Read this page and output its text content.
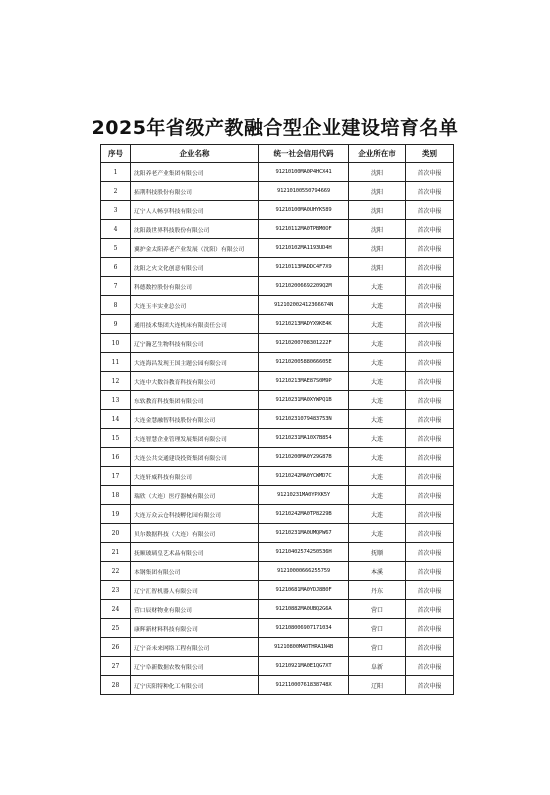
2025年省级产教融合型企业建设培育名单
序号	企业名称	统一社会信用代码	企业所在市	类别
1	沈阳养老产业集团有限公司	91210100MA0P4HCX41	沈阳	首次申报
2	拓荆科技股份有限公司	91210100550794669	沈阳	首次申报
3	辽宁人人畅享科技有限公司	91210100MA0UHYK589	沈阳	首次申报
4	沈阳鼓世界科技股份有限公司	91210112MA0TPBM0OF	沈阳	首次申报
5	翼护金太阳养老产业发展（沈阳）有限公司	91210102MA1193UD4H	沈阳	首次申报
6	沈阳之火文化创意有限公司	91210113MADDC4F7X9	沈阳	首次申报
7	科德数控股份有限公司	912102006692209Q2M	大连	首次申报
8	大连玉丰实业总公司	912102002412366674N	大连	首次申报
9	通用技术集团大连机床有限责任公司	91210213MADYX9KE4K	大连	首次申报
10	辽宁瀚艺生物科技有限公司	91210200708301222F	大连	首次申报
11	大连海昌发现王国主题公园有限公司	91210200588066605E	大连	首次申报
12	大连中大数谷教育科技有限公司	91210213MAE87S0M9P	大连	首次申报
13	东软教育科技集团有限公司	91210231MA0XYWPQ1B	大连	首次申报
14	大连金慧融智科技股份有限公司	91210231079483753N	大连	首次申报
15	大连智慧企业管理发展集团有限公司	91210231MA10X7B854	大连	首次申报
16	大连公共交通建设投资集团有限公司	91210200MA0Y29G87B	大连	首次申报
17	大连轩威科技有限公司	91210242MA0YCWMD7C	大连	首次申报
18	瑞欣（大连）医疗器械有限公司	91210231MA0YPXK5Y	大连	首次申报
19	大连万众云仓科技孵化园有限公司	91210242MA0TP8229B	大连	首次申报
20	贝尔数据科技（大连）有限公司	91210231MA0UMQPW67	大连	首次申报
21	抚顺玻璃皇艺术品有限公司	91210402574250536H	抚顺	首次申报
22	本钢集团有限公司	91210000666255759	本溪	首次申报
23	辽宁汇智机器人有限公司	91210681MA0YDJ8B0F	丹东	首次申报
24	营口辰财物业有限公司	91210882MA0UBQ2G6A	营口	首次申报
25	康辉新材料科技有限公司	912108006907171034	营口	首次申报
26	辽宁音未来网络工程有限公司	91210800MA0THRA1N4B	营口	首次申报
27	辽宁阜新数据农牧有限公司	91210921MA0E1QG7XT	阜新	首次申报
28	辽宁庆阳特种化工有限公司	91211000761838748X	辽阳	首次申报
